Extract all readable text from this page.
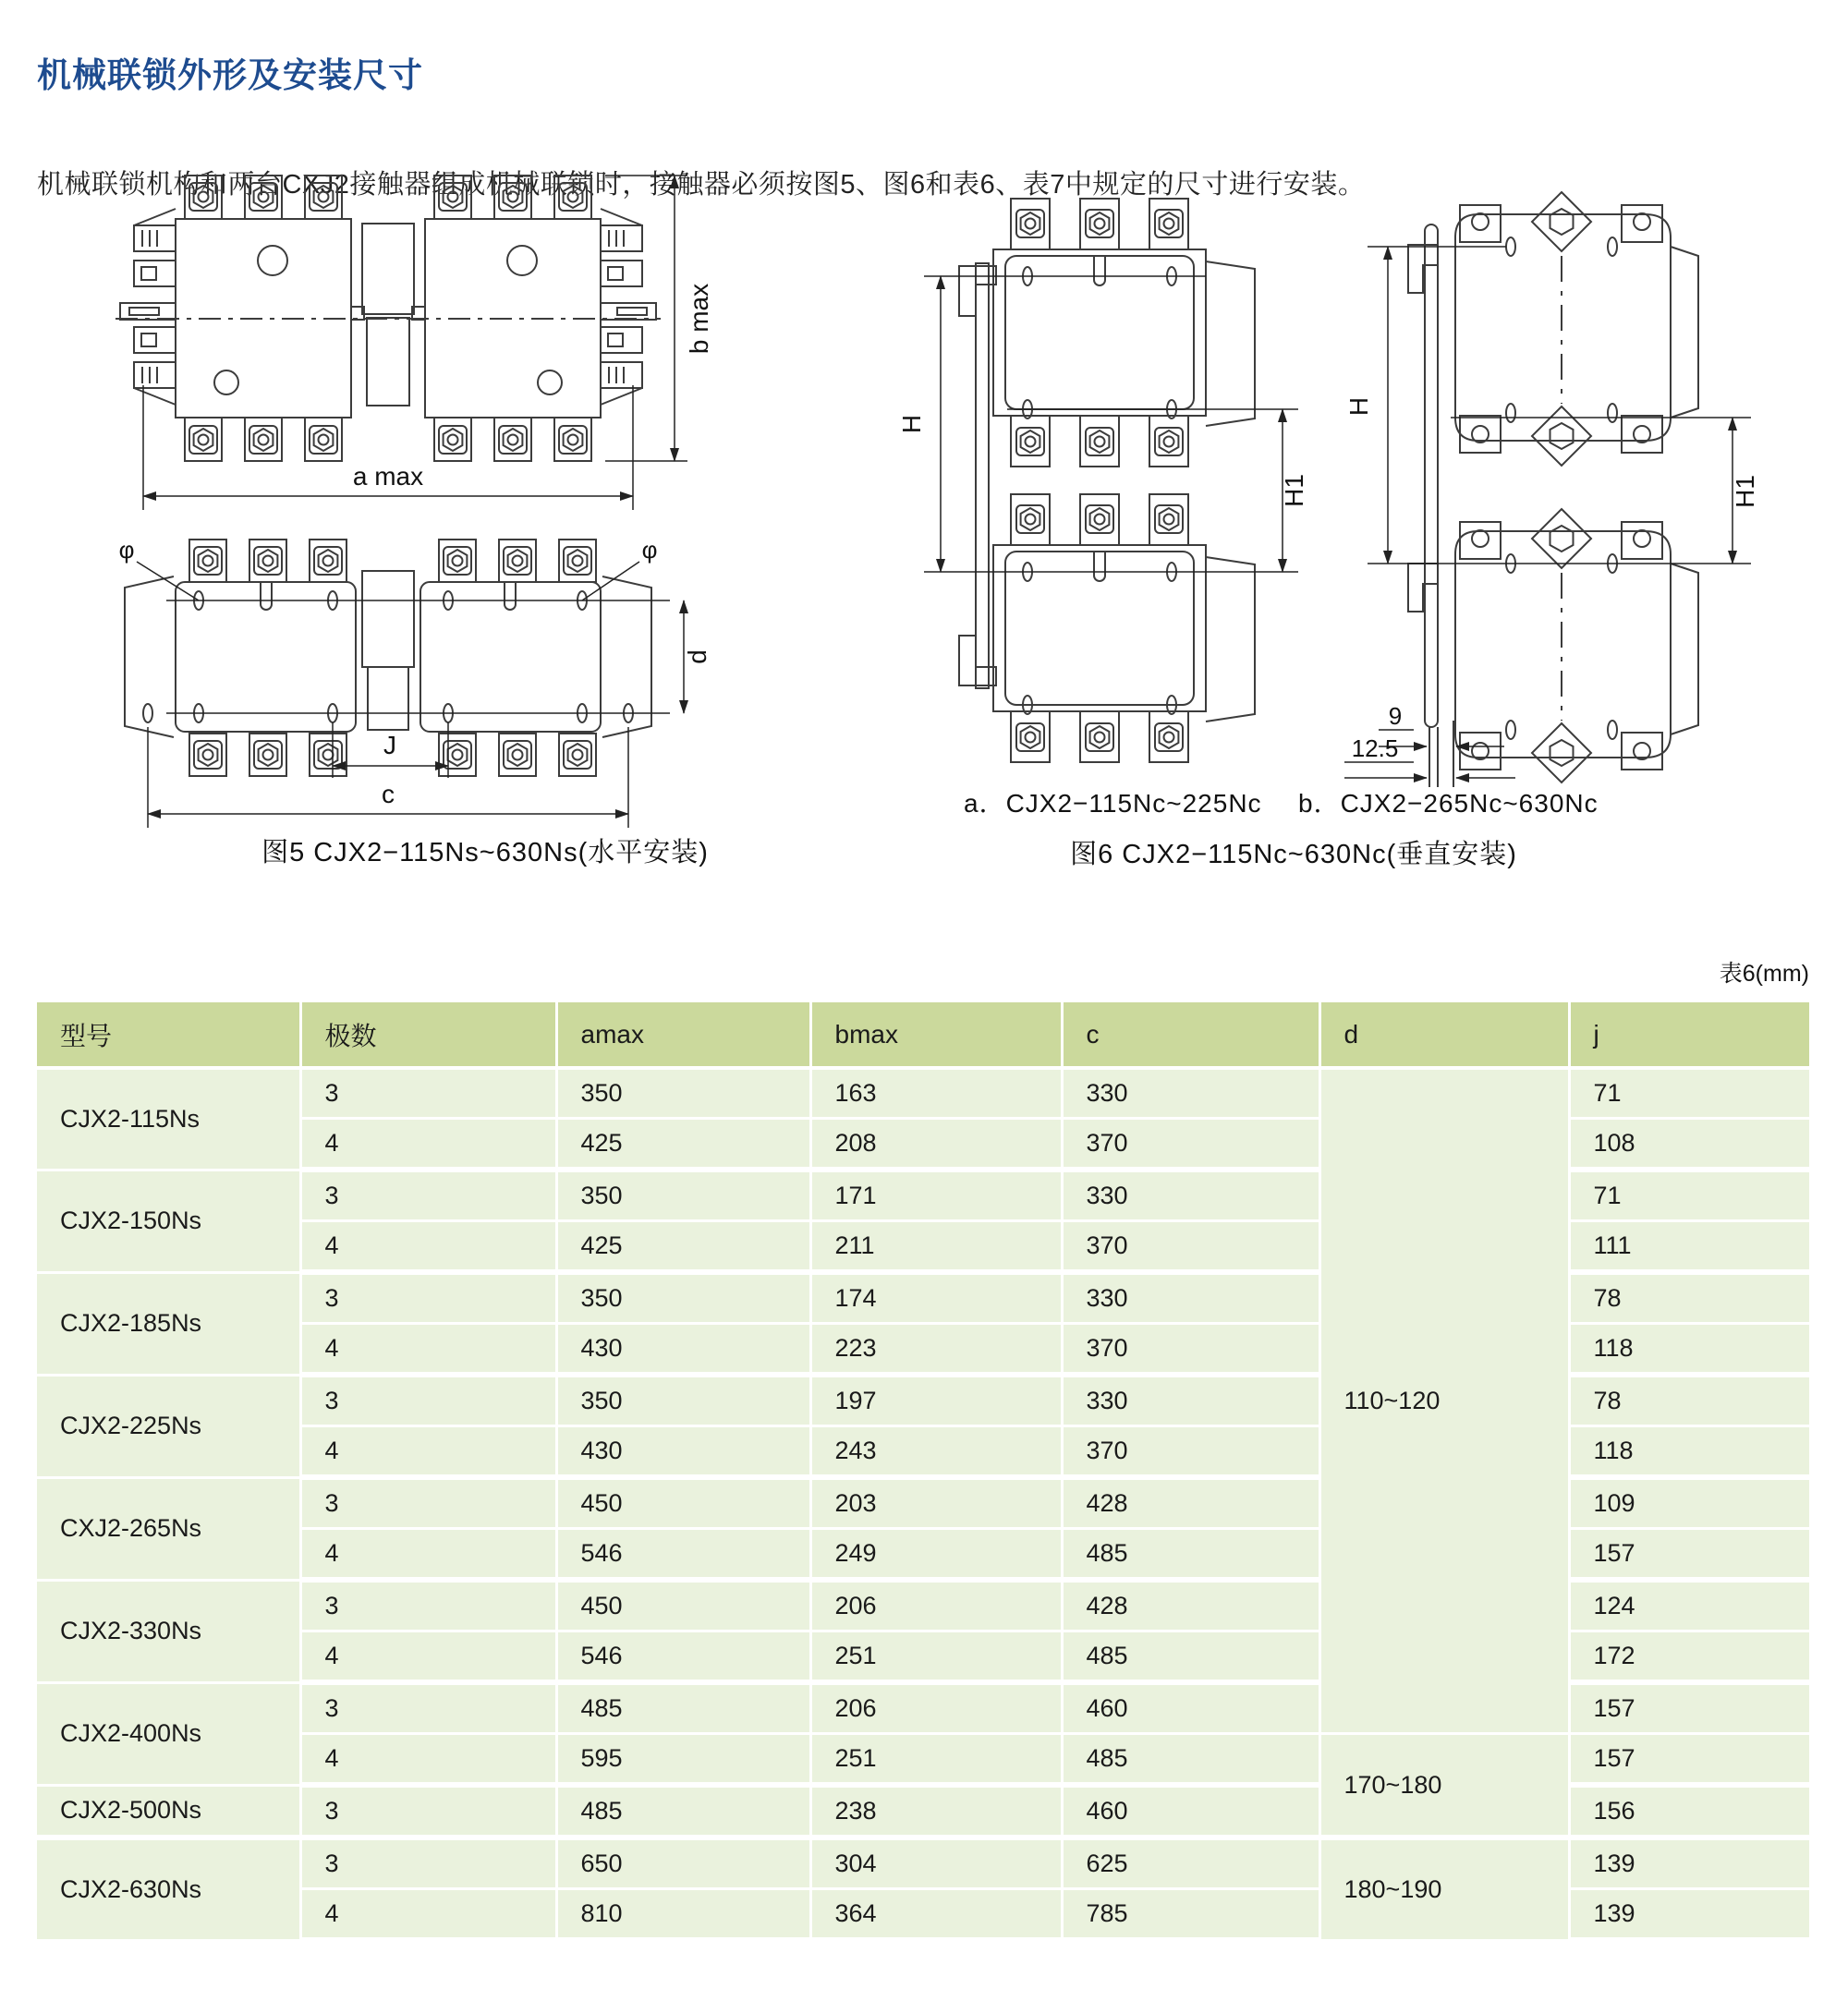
机械联锁外形及安装尺寸

机械联锁机构和两台CXJ2接触器组成机械联锁时，接触器必须按图5、图6和表6、表7中规定的尺寸进行安装。

a max
b max
φ	φ
d
J
c
图5 CJX2−115Ns~630Ns(水平安装)
H
H1
H
H1
9
12.5
a．CJX2−115Nc~225Nc b．CJX2−265Nc~630Nc
图6 CJX2−115Nc~630Nc(垂直安装)
表6(mm)
型号	极数	amax	bmax	c	d	j
CJX2-115Ns	3	350	163	330	110~120	71
	4	425	208	370		108
CJX2-150Ns	3	350	171	330		71
	4	425	211	370		111
CJX2-185Ns	3	350	174	330		78
	4	430	223	370		118
CJX2-225Ns	3	350	197	330		78
	4	430	243	370		118
CXJ2-265Ns	3	450	203	428		109
	4	546	249	485		157
CJX2-330Ns	3	450	206	428		124
	4	546	251	485		172
CJX2-400Ns	3	485	206	460		157
	4	595	251	485	170~180	157
CJX2-500Ns	3	485	238	460		156
CJX2-630Ns	3	650	304	625	180~190	139
	4	810	364	785		139
